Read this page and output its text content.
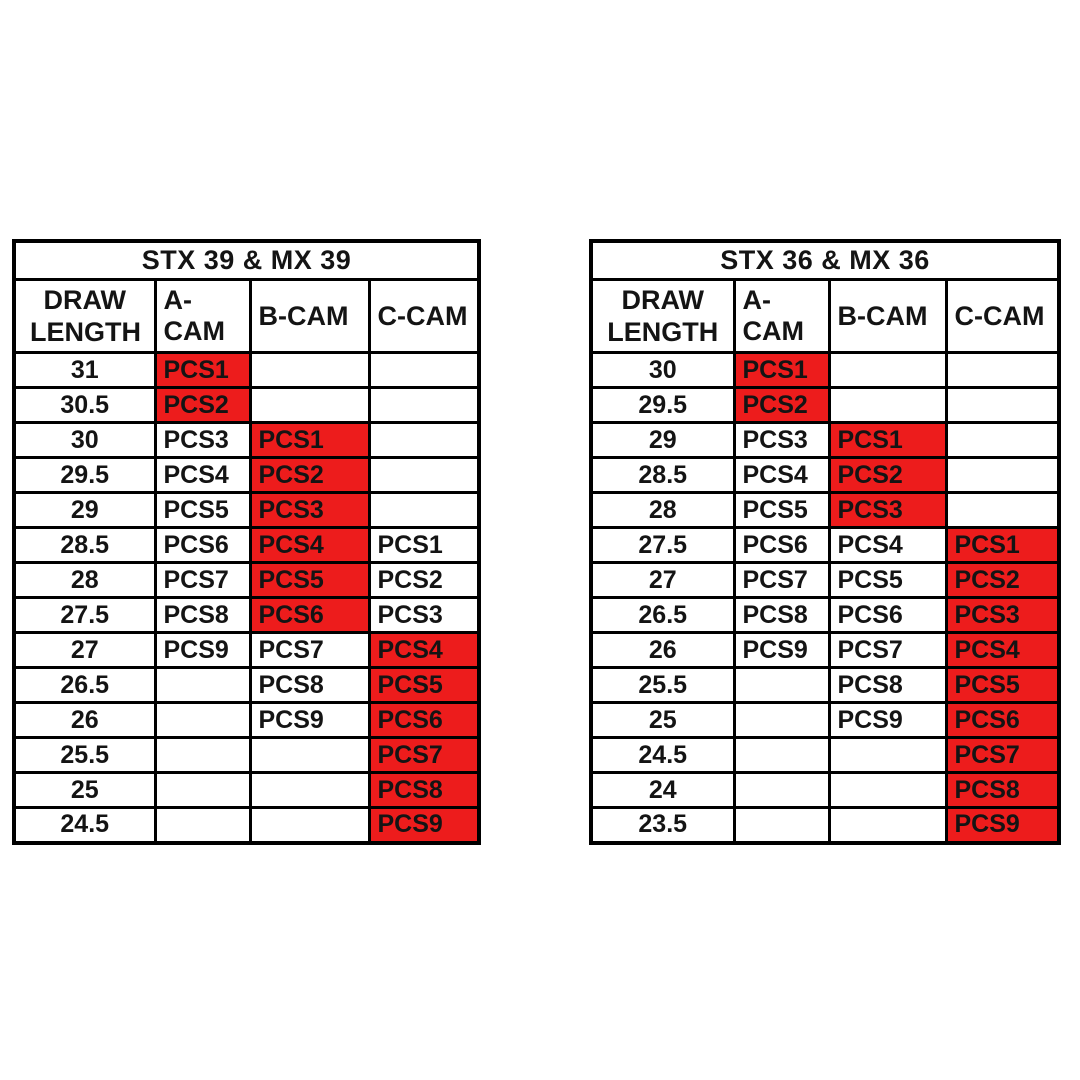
STX 39 & MX 39			
DRAW LENGTH	A-CAM	B-CAM	C-CAM
31	PCS1		
30.5	PCS2		
30	PCS3	PCS1	
29.5	PCS4	PCS2	
29	PCS5	PCS3	
28.5	PCS6	PCS4	PCS1
28	PCS7	PCS5	PCS2
27.5	PCS8	PCS6	PCS3
27	PCS9	PCS7	PCS4
26.5		PCS8	PCS5
26		PCS9	PCS6
25.5			PCS7
25			PCS8
24.5			PCS9
STX 36 & MX 36			
DRAW LENGTH	A-CAM	B-CAM	C-CAM
30	PCS1		
29.5	PCS2		
29	PCS3	PCS1	
28.5	PCS4	PCS2	
28	PCS5	PCS3	
27.5	PCS6	PCS4	PCS1
27	PCS7	PCS5	PCS2
26.5	PCS8	PCS6	PCS3
26	PCS9	PCS7	PCS4
25.5		PCS8	PCS5
25		PCS9	PCS6
24.5			PCS7
24			PCS8
23.5			PCS9
